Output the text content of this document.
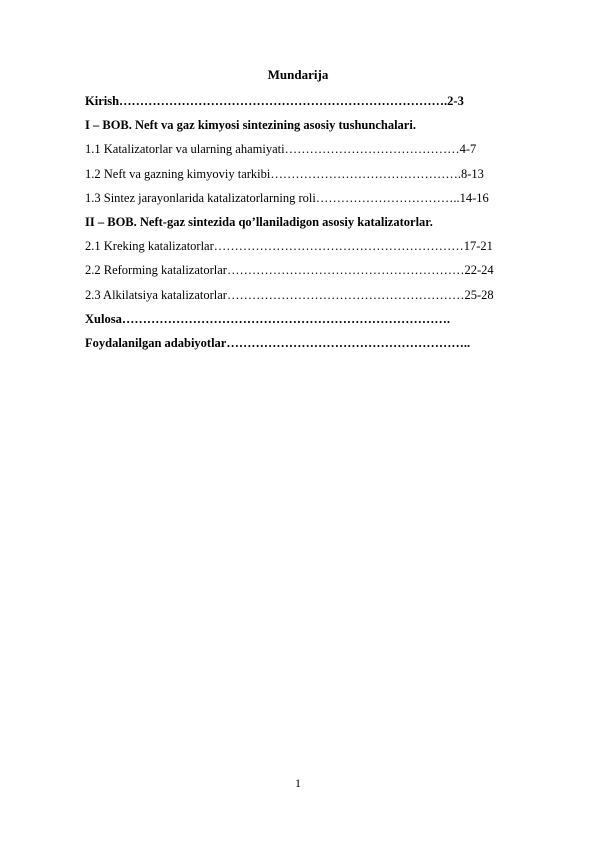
Mundarija
Kirish…………………………………………………………………….2-3
I – BOB. Neft va gaz kimyosi sintezining asosiy tushunchalari.
1.1 Katalizatorlar va ularning ahamiyati……………………………………4-7
1.2 Neft va gazning kimyoviy tarkibi……………………………………….8-13
1.3 Sintez jarayonlarida katalizatorlarning roli……………………………..14-16
II – BOB. Neft-gaz sintezida qo’llaniladigon asosiy katalizatorlar.
2.1 Kreking katalizatorlar……………………………………………………17-21
2.2 Reforming katalizatorlar…………………………………………………22-24
2.3 Alkilatsiya katalizatorlar…………………………………………………25-28
Xulosa…………………………………………………………………….
Foydalanilgan adabiyotlar…………………………………………………..
1
